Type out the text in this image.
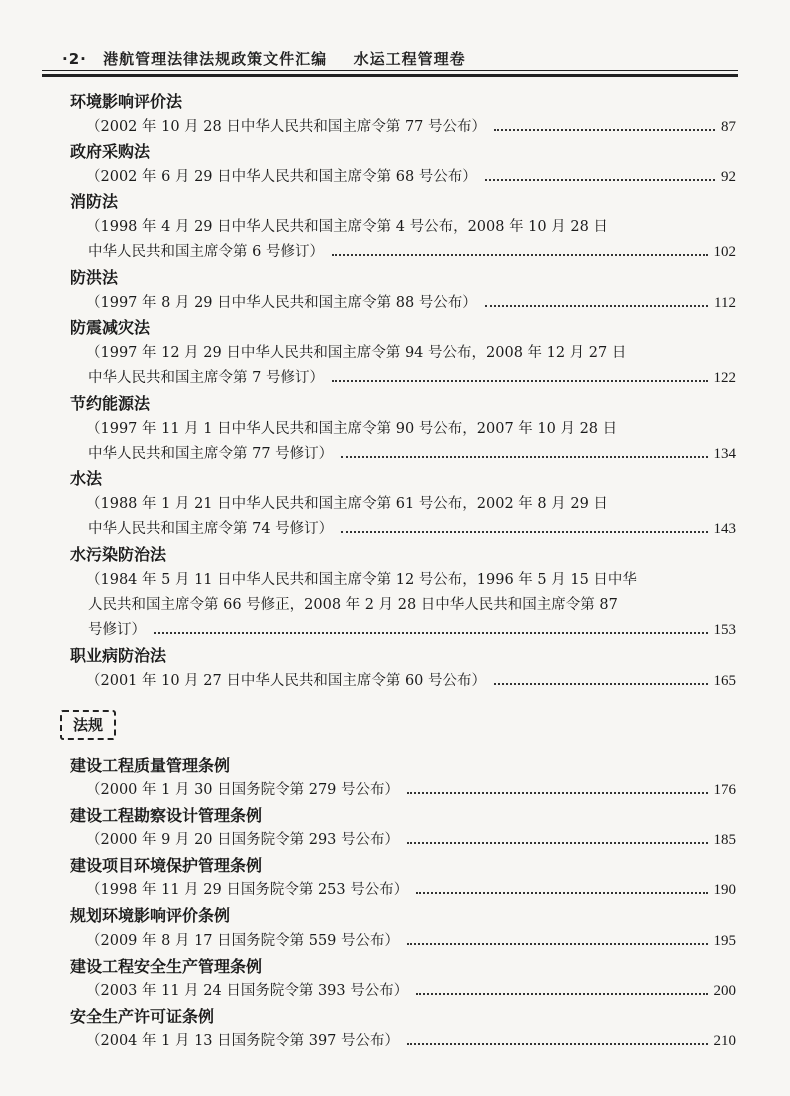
·2· 港航管理法律法规政策文件汇编 水运工程管理卷
环境影响评价法
（2002 年 10 月 28 日中华人民共和国主席令第 77 号公布）	87
政府采购法
（2002 年 6 月 29 日中华人民共和国主席令第 68 号公布）	92
消防法
（1998 年 4 月 29 日中华人民共和国主席令第 4 号公布，2008 年 10 月 28 日
中华人民共和国主席令第 6 号修订）	102
防洪法
（1997 年 8 月 29 日中华人民共和国主席令第 88 号公布）	112
防震减灾法
（1997 年 12 月 29 日中华人民共和国主席令第 94 号公布，2008 年 12 月 27 日
中华人民共和国主席令第 7 号修订）	122
节约能源法
（1997 年 11 月 1 日中华人民共和国主席令第 90 号公布，2007 年 10 月 28 日
中华人民共和国主席令第 77 号修订）	134
水法
（1988 年 1 月 21 日中华人民共和国主席令第 61 号公布，2002 年 8 月 29 日
中华人民共和国主席令第 74 号修订）	143
水污染防治法
（1984 年 5 月 11 日中华人民共和国主席令第 12 号公布，1996 年 5 月 15 日中华
人民共和国主席令第 66 号修正，2008 年 2 月 28 日中华人民共和国主席令第 87
号修订）	153
职业病防治法
（2001 年 10 月 27 日中华人民共和国主席令第 60 号公布）	165
法规
建设工程质量管理条例
（2000 年 1 月 30 日国务院令第 279 号公布）	176
建设工程勘察设计管理条例
（2000 年 9 月 20 日国务院令第 293 号公布）	185
建设项目环境保护管理条例
（1998 年 11 月 29 日国务院令第 253 号公布）	190
规划环境影响评价条例
（2009 年 8 月 17 日国务院令第 559 号公布）	195
建设工程安全生产管理条例
（2003 年 11 月 24 日国务院令第 393 号公布）	200
安全生产许可证条例
（2004 年 1 月 13 日国务院令第 397 号公布）	210
